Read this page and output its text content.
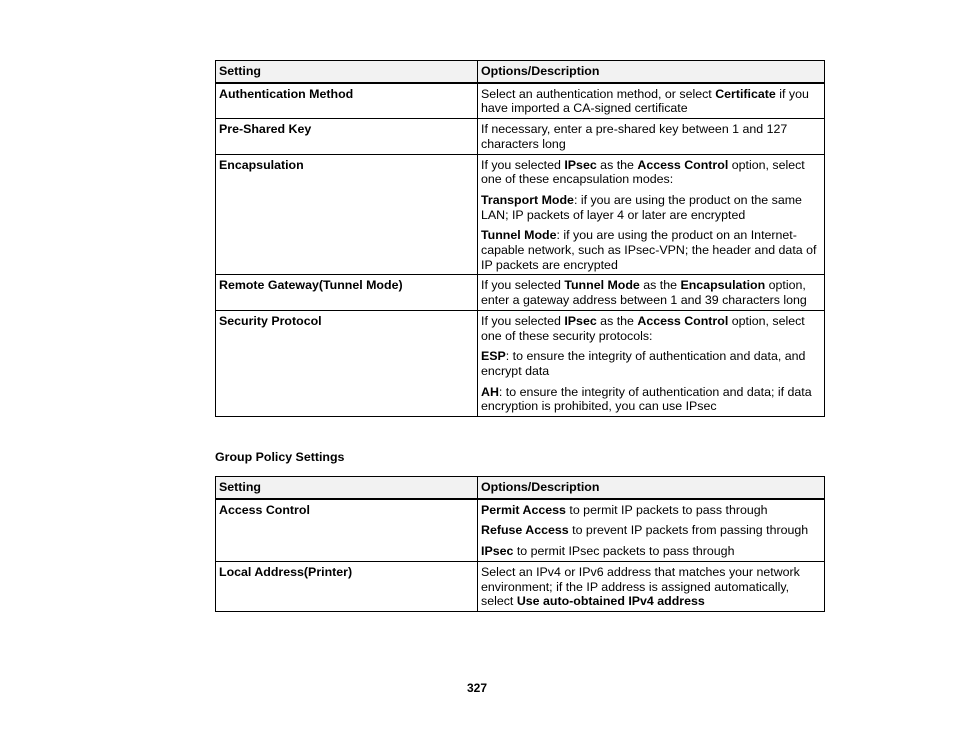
Setting	Options/Description
Authentication Method	Select an authentication method, or select Certificate if you have imported a CA-signed certificate

Pre-Shared Key	If necessary, enter a pre-shared key between 1 and 127 characters long

Encapsulation	If you selected IPsec as the Access Control option, select one of these encapsulation modes:

Transport Mode: if you are using the product on the same LAN; IP packets of layer 4 or later are encrypted

Tunnel Mode: if you are using the product on an Internet-capable network, such as IPsec-VPN; the header and data of IP packets are encrypted

Remote Gateway(Tunnel Mode)	If you selected Tunnel Mode as the Encapsulation option, enter a gateway address between 1 and 39 characters long

Security Protocol	If you selected IPsec as the Access Control option, select one of these security protocols:

ESP: to ensure the integrity of authentication and data, and encrypt data

AH: to ensure the integrity of authentication and data; if data encryption is prohibited, you can use IPsec

Group Policy Settings

Setting	Options/Description
Access Control	Permit Access to permit IP packets to pass through

Refuse Access to prevent IP packets from passing through

IPsec to permit IPsec packets to pass through

Local Address(Printer)	Select an IPv4 or IPv6 address that matches your network environment; if the IP address is assigned automatically, select Use auto-obtained IPv4 address

327
